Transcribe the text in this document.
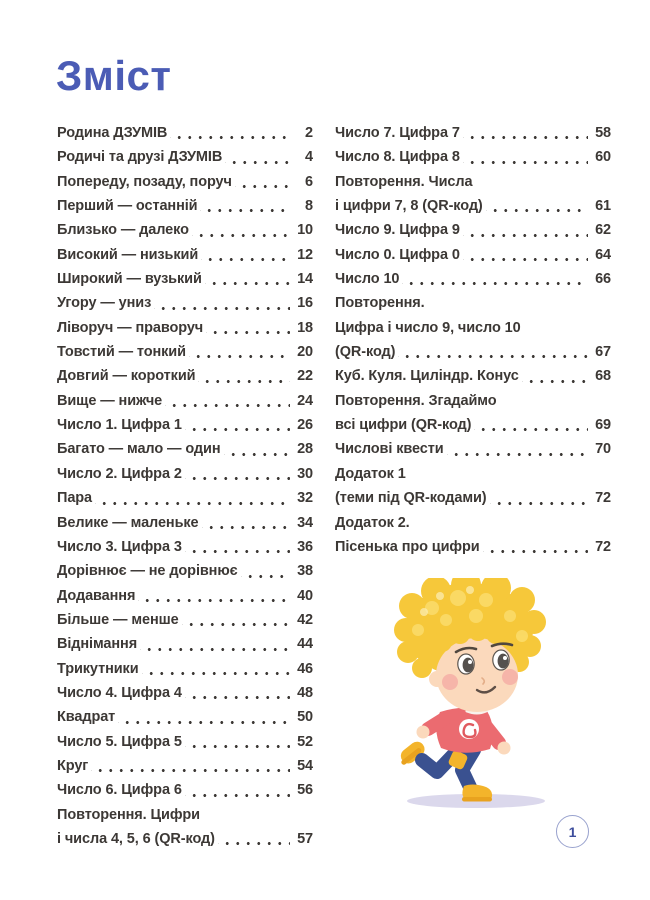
Зміст
Родина ДЗУМІВ	2
Родичі та друзі ДЗУМІВ	4
Попереду, позаду, поруч	6
Перший — останній	8
Близько — далеко	10
Високий — низький	12
Широкий — вузький	14
Угору — униз	16
Ліворуч — праворуч	18
Товстий — тонкий	20
Довгий — короткий	22
Вище — нижче	24
Число 1. Цифра 1	26
Багато — мало — один	28
Число 2. Цифра 2	30
Пара	32
Велике — маленьке	34
Число 3. Цифра 3	36
Дорівнює — не дорівнює	38
Додавання	40
Більше — менше	42
Віднімання	44
Трикутники	46
Число 4. Цифра 4	48
Квадрат	50
Число 5. Цифра 5	52
Круг	54
Число 6. Цифра 6	56
Повторення. Цифри
і числа 4, 5, 6 (QR-код)	57
Число 7. Цифра 7	58
Число 8. Цифра 8	60
Повторення. Числа
і цифри 7, 8 (QR-код)	61
Число 9. Цифра 9	62
Число 0. Цифра 0	64
Число 10	66
Повторення.
Цифра і число 9, число 10
(QR-код)	67
Куб. Куля. Циліндр. Конус	68
Повторення. Згадаймо
всі цифри (QR-код)	69
Числові квести	70
Додаток 1
(теми під QR-кодами)	72
Додаток 2.
Пісенька про цифри	72
1
